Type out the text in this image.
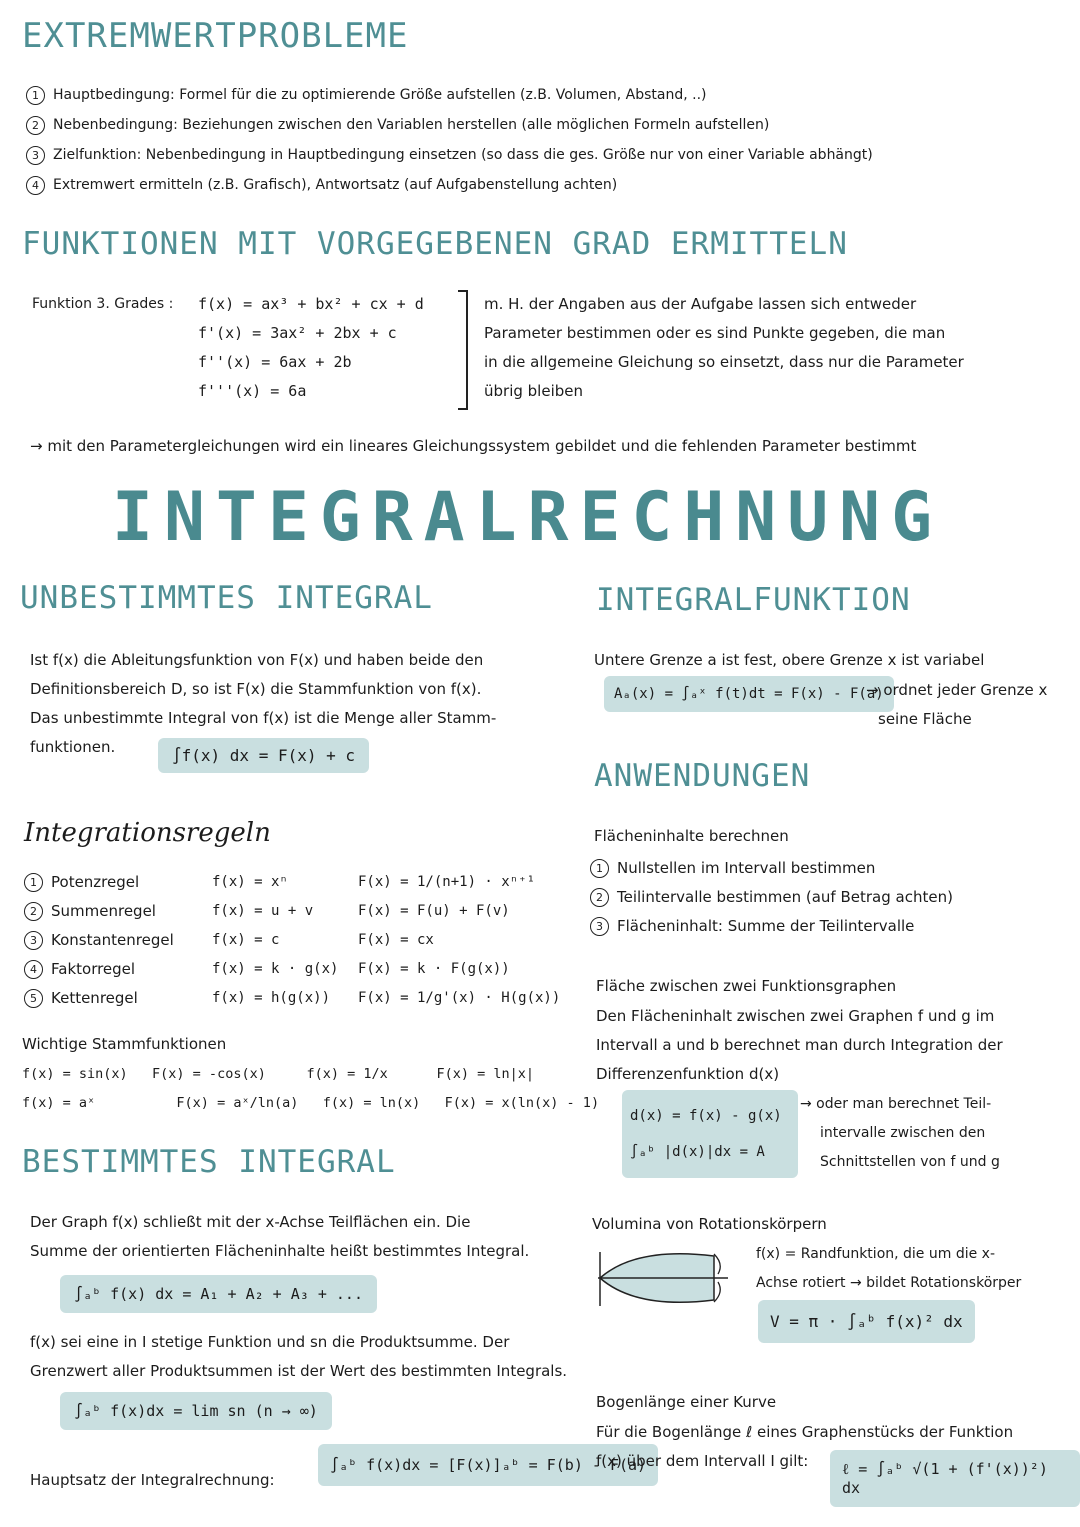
EXTREMWERTPROBLEME
1 Hauptbedingung: Formel für die zu optimierende Größe aufstellen (z.B. Volumen, Abstand, ..)
2 Nebenbedingung: Beziehungen zwischen den Variablen herstellen (alle möglichen Formeln aufstellen)
3 Zielfunktion: Nebenbedingung in Hauptbedingung einsetzen (so dass die ges. Größe nur von einer Variable abhängt)
4 Extremwert ermitteln (z.B. Grafisch), Antwortsatz (auf Aufgabenstellung achten)
FUNKTIONEN MIT VORGEGEBENEN GRAD ERMITTELN
Funktion 3. Grades : f(x) = ax³ + bx² + cx + d
f'(x) = 3ax² + 2bx + c
f''(x) = 6ax + 2b
f'''(x) = 6a
m. H. der Angaben aus der Aufgabe lassen sich entweder
Parameter bestimmen oder es sind Punkte gegeben, die man
in die allgemeine Gleichung so einsetzt, dass nur die Parameter
übrig bleiben
→ mit den Parametergleichungen wird ein lineares Gleichungssystem gebildet und die fehlenden Parameter bestimmt
INTEGRALRECHNUNG
UNBESTIMMTES INTEGRAL
Ist f(x) die Ableitungsfunktion von F(x) und haben beide den
Definitionsbereich D, so ist F(x) die Stammfunktion von f(x).
Das unbestimmte Integral von f(x) ist die Menge aller Stamm-
funktionen.	∫f(x) dx = F(x) + c
Integrationsregeln
1 Potenzregel	f(x) = xⁿ	F(x) = 1/(n+1) · xⁿ⁺¹
2 Summenregel	f(x) = u + v	F(x) = F(u) + F(v)
3 Konstantenregel	f(x) = c	F(x) = cx
4 Faktorregel	f(x) = k · g(x) F(x) = k · F(g(x))
5 Kettenregel	f(x) = h(g(x)) F(x) = 1/g'(x) · H(g(x))
Wichtige Stammfunktionen
f(x) = sin(x)   F(x) = -cos(x)     f(x) = 1/x      F(x) = ln|x|
f(x) = aˣ          F(x) = aˣ/ln(a)   f(x) = ln(x)   F(x) = x(ln(x) - 1)
BESTIMMTES INTEGRAL
Der Graph f(x) schließt mit der x-Achse Teilflächen ein. Die
Summe der orientierten Flächeninhalte heißt bestimmtes Integral.
∫ₐᵇ f(x) dx = A₁ + A₂ + A₃ + ...
f(x) sei eine in I stetige Funktion und sn die Produktsumme. Der
Grenzwert aller Produktsummen ist der Wert des bestimmten Integrals.
∫ₐᵇ f(x)dx = lim sn (n → ∞)
Hauptsatz der Integralrechnung:
∫ₐᵇ f(x)dx = [F(x)]ₐᵇ = F(b) - F(a)
INTEGRALFUNKTION
Untere Grenze a ist fest, obere Grenze x ist variabel
Aₐ(x) = ∫ₐˣ f(t)dt = F(x) - F(a)
→ ordnet jeder Grenze x
seine Fläche
ANWENDUNGEN
Flächeninhalte berechnen
1 Nullstellen im Intervall bestimmen
2 Teilintervalle bestimmen (auf Betrag achten)
3 Flächeninhalt: Summe der Teilintervalle
Fläche zwischen zwei Funktionsgraphen
Den Flächeninhalt zwischen zwei Graphen f und g im
Intervall a und b berechnet man durch Integration der
Differenzenfunktion d(x)
d(x) = f(x) - g(x)
∫ₐᵇ |d(x)|dx = A
→ oder man berechnet Teil-
intervalle zwischen den
Schnittstellen von f und g
Volumina von Rotationskörpern
f(x) = Randfunktion, die um die x-
Achse rotiert → bildet Rotationskörper
V = π · ∫ₐᵇ f(x)² dx
Bogenlänge einer Kurve
Für die Bogenlänge ℓ eines Graphenstücks der Funktion
f(x) über dem Intervall I gilt:	ℓ = ∫ₐᵇ √(1 + (f'(x))²) dx
